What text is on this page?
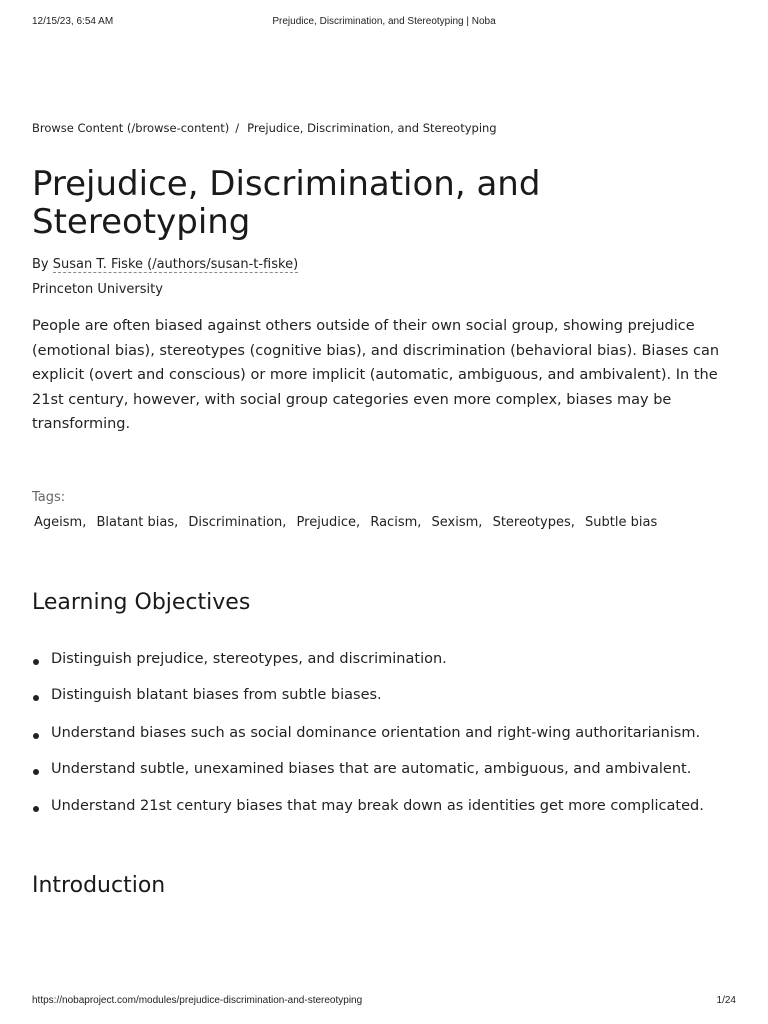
12/15/23, 6:54 AM	Prejudice, Discrimination, and Stereotyping | Noba
Browse Content (/browse-content) / Prejudice, Discrimination, and Stereotyping
Prejudice, Discrimination, and Stereotyping
By Susan T. Fiske (/authors/susan-t-fiske)
Princeton University

People are often biased against others outside of their own social group, showing prejudice (emotional bias), stereotypes (cognitive bias), and discrimination (behavioral bias). Biases can explicit (overt and conscious) or more implicit (automatic, ambiguous, and ambivalent). In the 21st century, however, with social group categories even more complex, biases may be transforming.

Tags:
Ageism, Blatant bias, Discrimination, Prejudice, Racism, Sexism, Stereotypes, Subtle bias
Learning Objectives
Distinguish prejudice, stereotypes, and discrimination.
Distinguish blatant biases from subtle biases.
Understand biases such as social dominance orientation and right-wing authoritarianism.
Understand subtle, unexamined biases that are automatic, ambiguous, and ambivalent.
Understand 21st century biases that may break down as identities get more complicated.
Introduction
https://nobaproject.com/modules/prejudice-discrimination-and-stereotyping	1/24
